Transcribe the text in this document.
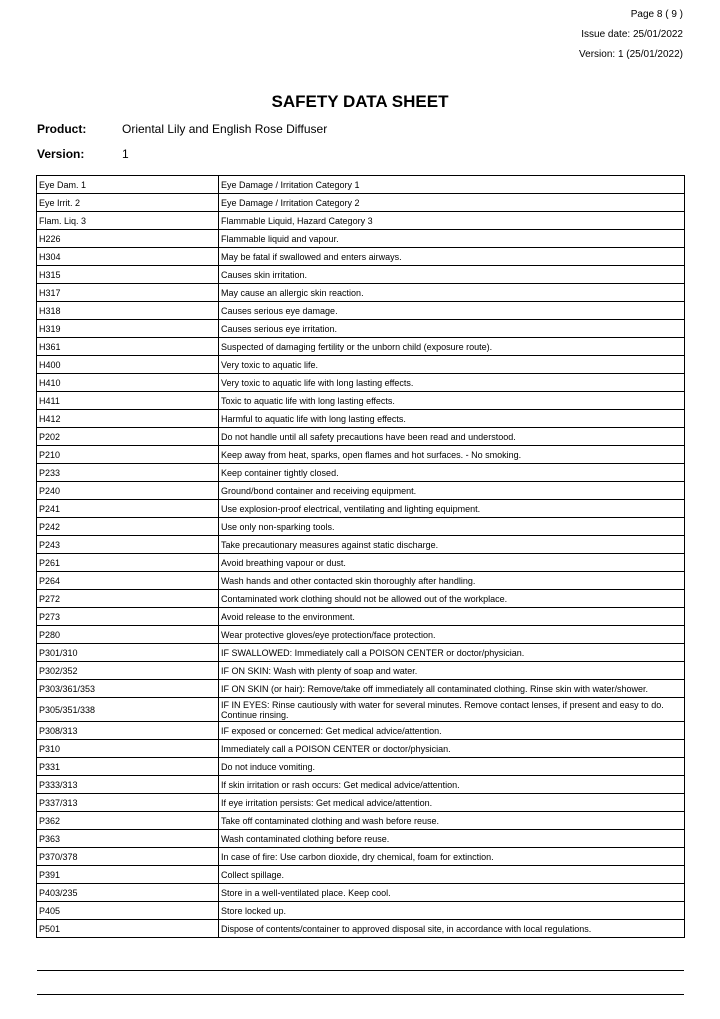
Page 8 ( 9 )
Issue date: 25/01/2022
Version: 1 (25/01/2022)
SAFETY DATA SHEET
Product:	Oriental Lily and English Rose Diffuser
Version:	1
Eye Dam. 1	Eye Damage / Irritation Category 1
Eye Irrit. 2	Eye Damage / Irritation Category 2
Flam. Liq. 3	Flammable Liquid, Hazard Category 3
H226	Flammable liquid and vapour.
H304	May be fatal if swallowed and enters airways.
H315	Causes skin irritation.
H317	May cause an allergic skin reaction.
H318	Causes serious eye damage.
H319	Causes serious eye irritation.
H361	Suspected of damaging fertility or the unborn child (exposure route).
H400	Very toxic to aquatic life.
H410	Very toxic to aquatic life with long lasting effects.
H411	Toxic to aquatic life with long lasting effects.
H412	Harmful to aquatic life with long lasting effects.
P202	Do not handle until all safety precautions have been read and understood.
P210	Keep away from heat, sparks, open flames and hot surfaces. - No smoking.
P233	Keep container tightly closed.
P240	Ground/bond container and receiving equipment.
P241	Use explosion-proof electrical, ventilating and lighting equipment.
P242	Use only non-sparking tools.
P243	Take precautionary measures against static discharge.
P261	Avoid breathing vapour or dust.
P264	Wash hands and other contacted skin thoroughly after handling.
P272	Contaminated work clothing should not be allowed out of the workplace.
P273	Avoid release to the environment.
P280	Wear protective gloves/eye protection/face protection.
P301/310	IF SWALLOWED: Immediately call a POISON CENTER or doctor/physician.
P302/352	IF ON SKIN: Wash with plenty of soap and water.
P303/361/353	IF ON SKIN (or hair): Remove/take off immediately all contaminated clothing. Rinse skin with water/shower.
P305/351/338	IF IN EYES: Rinse cautiously with water for several minutes. Remove contact lenses, if present and easy to do. Continue rinsing.
P308/313	IF exposed or concerned: Get medical advice/attention.
P310	Immediately call a POISON CENTER or doctor/physician.
P331	Do not induce vomiting.
P333/313	If skin irritation or rash occurs: Get medical advice/attention.
P337/313	If eye irritation persists: Get medical advice/attention.
P362	Take off contaminated clothing and wash before reuse.
P363	Wash contaminated clothing before reuse.
P370/378	In case of fire: Use carbon dioxide, dry chemical, foam for extinction.
P391	Collect spillage.
P403/235	Store in a well-ventilated place. Keep cool.
P405	Store locked up.
P501	Dispose of contents/container to approved disposal site, in accordance with local regulations.
